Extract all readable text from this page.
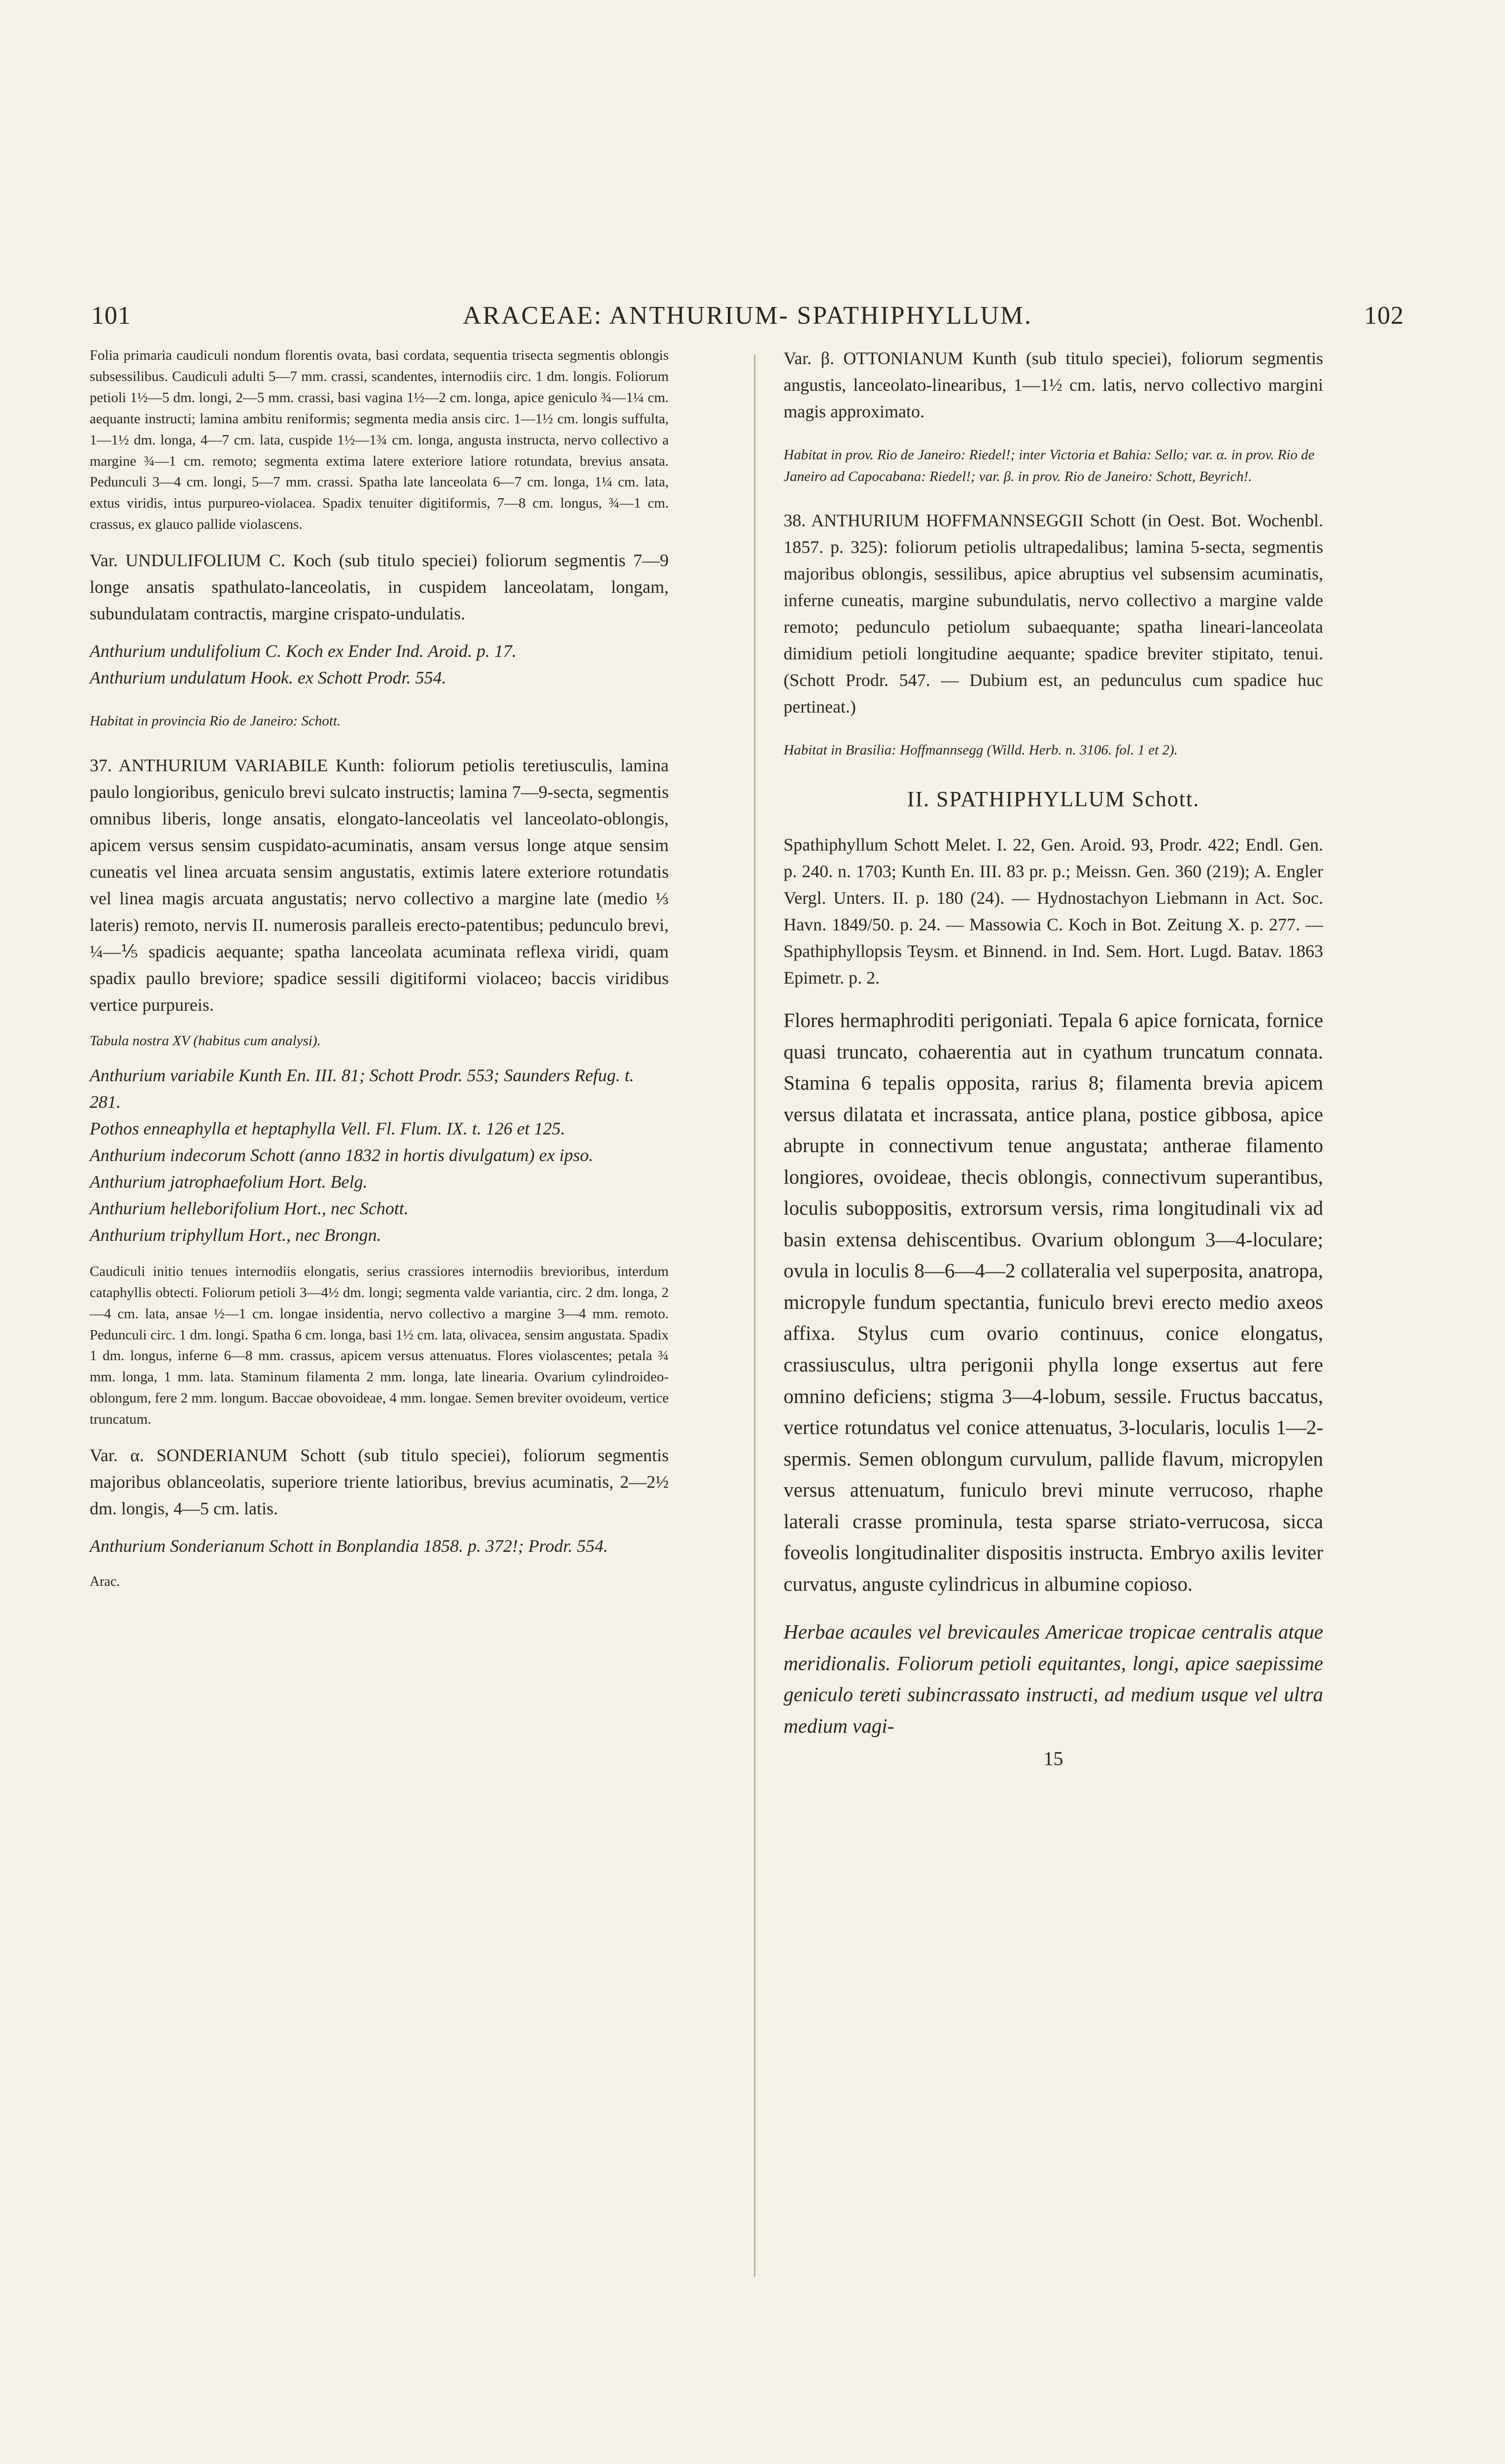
101	ARACEAE: ANTHURIUM- SPATHIPHYLLUM.	102

Folia primaria caudiculi nondum florentis ovata, basi cordata, sequentia trisecta segmentis oblongis subsessilibus. Caudiculi adulti 5—7 mm. crassi, scandentes, internodiis circ. 1 dm. longis. Foliorum petioli 1½—5 dm. longi, 2—5 mm. crassi, basi vagina 1½—2 cm. longa, apice geniculo ¾—1¼ cm. aequante instructi; lamina ambitu reniformis; segmenta media ansis circ. 1—1½ cm. longis suffulta, 1—1½ dm. longa, 4—7 cm. lata, cuspide 1½—1¾ cm. longa, angusta instructa, nervo collectivo a margine ¾—1 cm. remoto; segmenta extima latere exteriore latiore rotundata, brevius ansata. Pedunculi 3—4 cm. longi, 5—7 mm. crassi. Spatha late lanceolata 6—7 cm. longa, 1¼ cm. lata, extus viridis, intus purpureo-violacea. Spadix tenuiter digitiformis, 7—8 cm. longus, ¾—1 cm. crassus, ex glauco pallide violascens.

Var. UNDULIFOLIUM C. Koch (sub titulo speciei) foliorum segmentis 7—9 longe ansatis spathulato-lanceolatis, in cuspidem lanceolatam, longam, subundulatam contractis, margine crispato-undulatis.

Anthurium undulifolium C. Koch ex Ender Ind. Aroid. p. 17.

Anthurium undulatum Hook. ex Schott Prodr. 554.

Habitat in provincia Rio de Janeiro: Schott.

37. ANTHURIUM VARIABILE Kunth: foliorum petiolis teretiusculis, lamina paulo longioribus, geniculo brevi sulcato instructis; lamina 7—9-secta, segmentis omnibus liberis, longe ansatis, elongato-lanceolatis vel lanceolato-oblongis, apicem versus sensim cuspidato-acuminatis, ansam versus longe atque sensim cuneatis vel linea arcuata sensim angustatis, extimis latere exteriore rotundatis vel linea magis arcuata angustatis; nervo collectivo a margine late (medio ⅓ lateris) remoto, nervis II. numerosis paralleis erecto-patentibus; pedunculo brevi, ¼—⅕ spadicis aequante; spatha lanceolata acuminata reflexa viridi, quam spadix paullo breviore; spadice sessili digitiformi violaceo; baccis viridibus vertice purpureis.

Tabula nostra XV (habitus cum analysi).

Anthurium variabile Kunth En. III. 81; Schott Prodr. 553; Saunders Refug. t. 281.

Pothos enneaphylla et heptaphylla Vell. Fl. Flum. IX. t. 126 et 125.

Anthurium indecorum Schott (anno 1832 in hortis divulgatum) ex ipso.

Anthurium jatrophaefolium Hort. Belg.

Anthurium helleborifolium Hort., nec Schott.

Anthurium triphyllum Hort., nec Brongn.

Caudiculi initio tenues internodiis elongatis, serius crassiores internodiis brevioribus, interdum cataphyllis obtecti. Foliorum petioli 3—4½ dm. longi; segmenta valde variantia, circ. 2 dm. longa, 2—4 cm. lata, ansae ½—1 cm. longae insidentia, nervo collectivo a margine 3—4 mm. remoto. Pedunculi circ. 1 dm. longi. Spatha 6 cm. longa, basi 1½ cm. lata, olivacea, sensim angustata. Spadix 1 dm. longus, inferne 6—8 mm. crassus, apicem versus attenuatus. Flores violascentes; petala ¾ mm. longa, 1 mm. lata. Staminum filamenta 2 mm. longa, late linearia. Ovarium cylindroideo-oblongum, fere 2 mm. longum. Baccae obovoideae, 4 mm. longae. Semen breviter ovoideum, vertice truncatum.

Var. α. SONDERIANUM Schott (sub titulo speciei), foliorum segmentis majoribus oblanceolatis, superiore triente latioribus, brevius acuminatis, 2—2½ dm. longis, 4—5 cm. latis.

Anthurium Sonderianum Schott in Bonplandia 1858. p. 372!; Prodr. 554.

Arac.

Var. β. OTTONIANUM Kunth (sub titulo speciei), foliorum segmentis angustis, lanceolato-linearibus, 1—1½ cm. latis, nervo collectivo margini magis approximato.

Habitat in prov. Rio de Janeiro: Riedel!; inter Victoria et Bahia: Sello; var. α. in prov. Rio de Janeiro ad Capocabana: Riedel!; var. β. in prov. Rio de Janeiro: Schott, Beyrich!.

38. ANTHURIUM HOFFMANNSEGGII Schott (in Oest. Bot. Wochenbl. 1857. p. 325): foliorum petiolis ultrapedalibus; lamina 5-secta, segmentis majoribus oblongis, sessilibus, apice abruptius vel subsensim acuminatis, inferne cuneatis, margine subundulatis, nervo collectivo a margine valde remoto; pedunculo petiolum subaequante; spatha lineari-lanceolata dimidium petioli longitudine aequante; spadice breviter stipitato, tenui. (Schott Prodr. 547. — Dubium est, an pedunculus cum spadice huc pertineat.)

Habitat in Brasilia: Hoffmannsegg (Willd. Herb. n. 3106. fol. 1 et 2).

II. SPATHIPHYLLUM Schott.

Spathiphyllum Schott Melet. I. 22, Gen. Aroid. 93, Prodr. 422; Endl. Gen. p. 240. n. 1703; Kunth En. III. 83 pr. p.; Meissn. Gen. 360 (219); A. Engler Vergl. Unters. II. p. 180 (24). — Hydnostachyon Liebmann in Act. Soc. Havn. 1849/50. p. 24. — Massowia C. Koch in Bot. Zeitung X. p. 277. — Spathiphyllopsis Teysm. et Binnend. in Ind. Sem. Hort. Lugd. Batav. 1863 Epimetr. p. 2.

Flores hermaphroditi perigoniati. Tepala 6 apice fornicata, fornice quasi truncato, cohaerentia aut in cyathum truncatum connata. Stamina 6 tepalis opposita, rarius 8; filamenta brevia apicem versus dilatata et incrassata, antice plana, postice gibbosa, apice abrupte in connectivum tenue angustata; antherae filamento longiores, ovoideae, thecis oblongis, connectivum superantibus, loculis suboppositis, extrorsum versis, rima longitudinali vix ad basin extensa dehiscentibus. Ovarium oblongum 3—4-loculare; ovula in loculis 8—6—4—2 collateralia vel superposita, anatropa, micropyle fundum spectantia, funiculo brevi erecto medio axeos affixa. Stylus cum ovario continuus, conice elongatus, crassiusculus, ultra perigonii phylla longe exsertus aut fere omnino deficiens; stigma 3—4-lobum, sessile. Fructus baccatus, vertice rotundatus vel conice attenuatus, 3-locularis, loculis 1—2-spermis. Semen oblongum curvulum, pallide flavum, micropylen versus attenuatum, funiculo brevi minute verrucoso, rhaphe laterali crasse prominula, testa sparse striato-verrucosa, sicca foveolis longitudinaliter dispositis instructa. Embryo axilis leviter curvatus, anguste cylindricus in albumine copioso.

Herbae acaules vel brevicaules Americae tropicae centralis atque meridionalis. Foliorum petioli equitantes, longi, apice saepissime geniculo tereti subincrassato instructi, ad medium usque vel ultra medium vagi-

15
